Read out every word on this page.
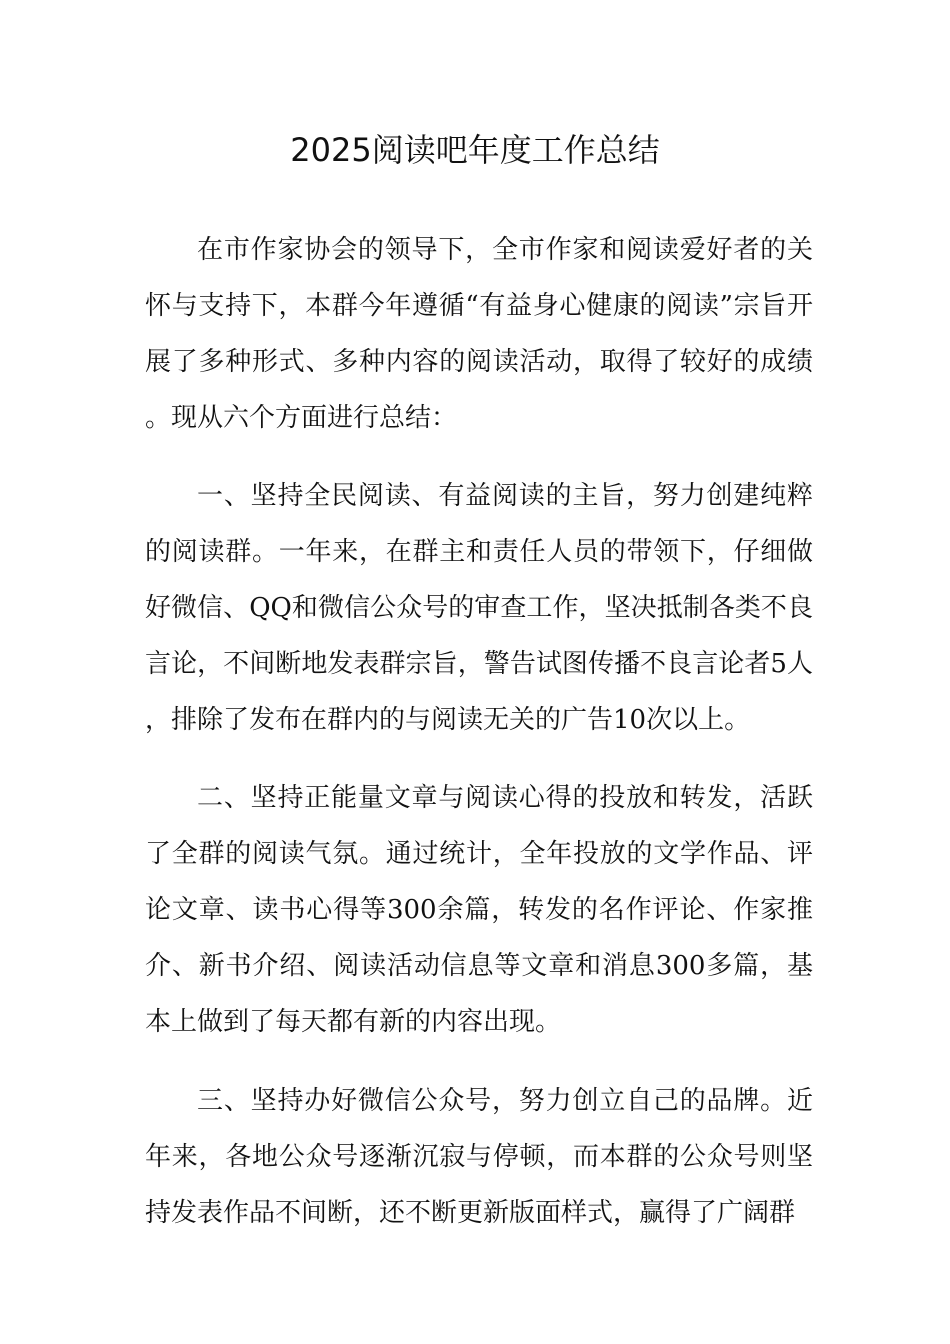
2025阅读吧年度工作总结

在市作家协会的领导下，全市作家和阅读爱好者的关怀与支持下，本群今年遵循“有益身心健康的阅读”宗旨开展了多种形式、多种内容的阅读活动，取得了较好的成绩。现从六个方面进行总结：

一、坚持全民阅读、有益阅读的主旨，努力创建纯粹的阅读群。一年来，在群主和责任人员的带领下，仔细做好微信、QQ和微信公众号的审查工作，坚决抵制各类不良言论，不间断地发表群宗旨，警告试图传播不良言论者5人，排除了发布在群内的与阅读无关的广告10次以上。

二、坚持正能量文章与阅读心得的投放和转发，活跃了全群的阅读气氛。通过统计，全年投放的文学作品、评论文章、读书心得等300余篇，转发的名作评论、作家推介、新书介绍、阅读活动信息等文章和消息300多篇，基本上做到了每天都有新的内容出现。

三、坚持办好微信公众号，努力创立自己的品牌。近年来，各地公众号逐渐沉寂与停顿，而本群的公众号则坚持发表作品不间断，还不断更新版面样式，赢得了广阔群
